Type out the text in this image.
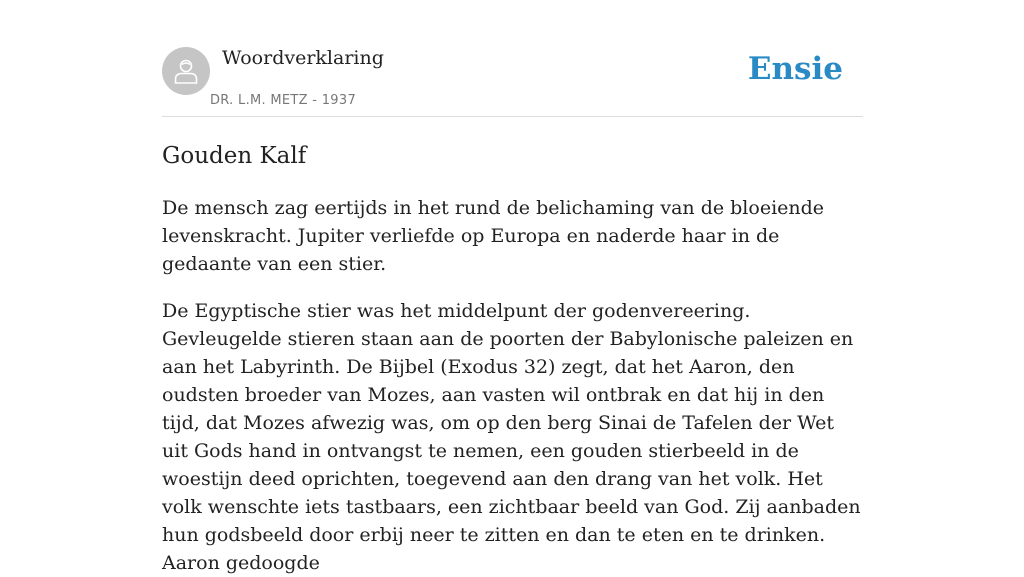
Woordverklaring
DR. L.M. METZ - 1937
Ensie
Gouden Kalf

De mensch zag eertijds in het rund de belichaming van de bloeiende levenskracht. Jupiter verliefde op Europa en naderde haar in de gedaante van een stier.

De Egyptische stier was het middelpunt der godenvereering. Gevleugelde stieren staan aan de poorten der Babylonische paleizen en aan het Labyrinth. De Bijbel (Exodus 32) zegt, dat het Aaron, den oudsten broeder van Mozes, aan vasten wil ontbrak en dat hij in den tijd, dat Mozes afwezig was, om op den berg Sinai de Tafelen der Wet uit Gods hand in ontvangst te nemen, een gouden stierbeeld in de woestijn deed oprichten, toegevend aan den drang van het volk. Het volk wenschte iets tastbaars, een zichtbaar beeld van God. Zij aanbaden hun godsbeeld door erbij neer te zitten en dan te eten en te drinken. Aaron gedoogde
